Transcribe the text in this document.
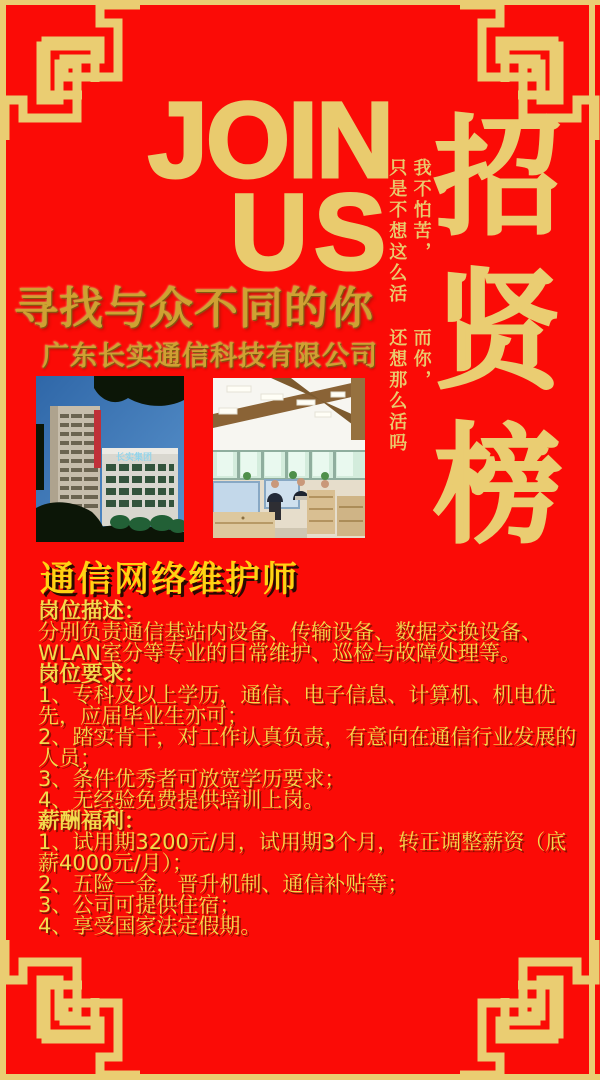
JOIN
US 招
贤
榜
我不怕苦，
只是不想这么活
而你，
还想那么活吗
寻找与众不同的你
广东长实通信科技有限公司
长实集团
通信网络维护师
岗位描述：

分别负责通信基站内设备、传输设备、数据交换设备、WLAN室分等专业的日常维护、巡检与故障处理等。

岗位要求：

1、专科及以上学历，通信、电子信息、计算机、机电优先，应届毕业生亦可；

2、踏实肯干，对工作认真负责，有意向在通信行业发展的人员；

3、条件优秀者可放宽学历要求；

4、无经验免费提供培训上岗。

薪酬福利：

1、试用期3200元/月，试用期3个月，转正调整薪资（底薪4000元/月）；

2、五险一金，晋升机制、通信补贴等；

3、公司可提供住宿；

4、享受国家法定假期。
